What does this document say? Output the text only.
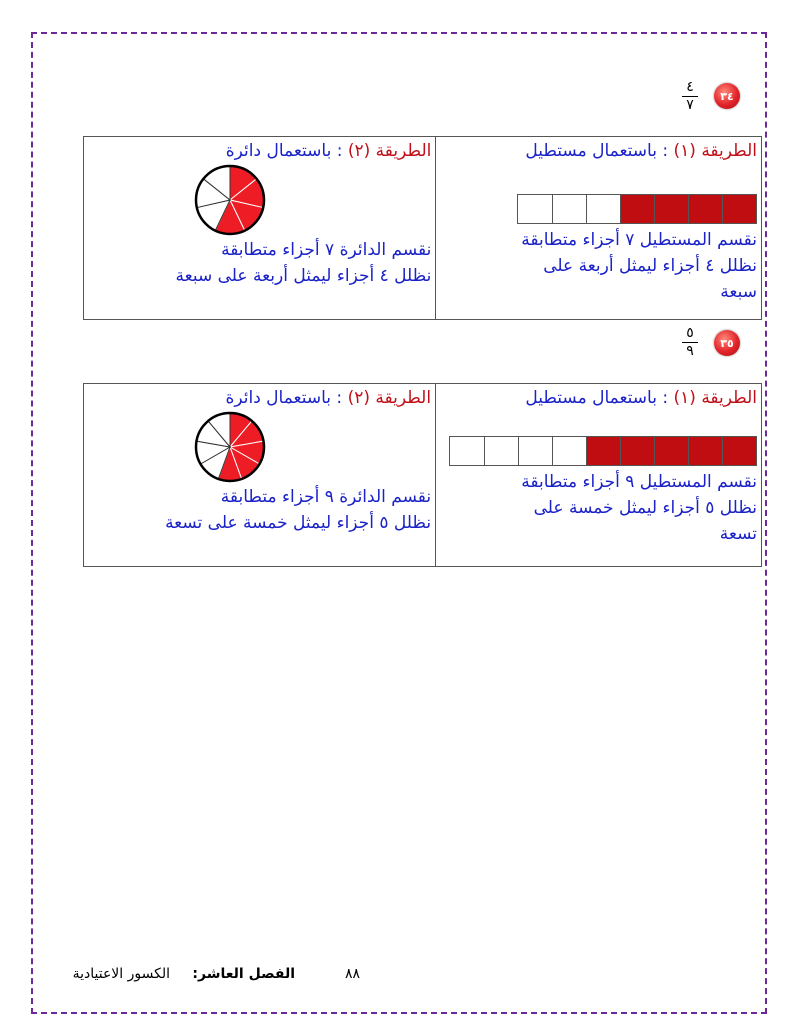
٤
٧
٣٤
الطريقة (١) : باستعمال مستطيل
نقسم المستطيل ٧ أجزاء متطابقة
نظلل ٤ أجزاء ليمثل أربعة على
سبعة

الطريقة (٢) : باستعمال دائرة
نقسم الدائرة ٧ أجزاء متطابقة
نظلل ٤ أجزاء ليمثل أربعة على سبعة
٥
٩	٣٥
الطريقة (١) : باستعمال مستطيل
نقسم المستطيل ٩ أجزاء متطابقة
نظلل ٥ أجزاء ليمثل خمسة على
تسعة

الطريقة (٢) : باستعمال دائرة
نقسم الدائرة ٩ أجزاء متطابقة
نظلل ٥ أجزاء ليمثل خمسة على تسعة
الفصل العاشر:
الكسور الاعتيادية	٨٨
